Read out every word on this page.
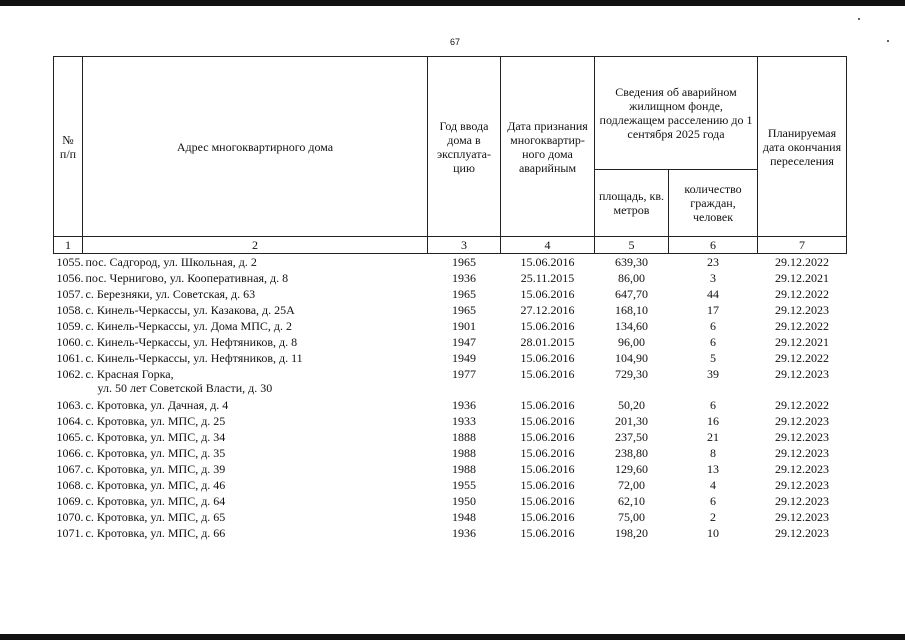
67
№ п/п	Адрес многоквартирного дома	Год ввода дома в эксплуата-цию	Дата признания многоквартир-ного дома аварийным	Сведения об аварийном жилищном фонде, подлежащем расселению до 1 сентября 2025 года		Планируемая дата окончания переселения
				площадь, кв. метров	количество граждан, человек	
1	2	3	4	5	6	7
1055.	пос. Садгород, ул. Школьная, д. 2	1965	15.06.2016	639,30	23	29.12.2022
1056.	пос. Черниговo, ул. Кооперативная, д. 8	1936	25.11.2015	86,00	3	29.12.2021
1057.	с. Березняки, ул. Советская, д. 63	1965	15.06.2016	647,70	44	29.12.2022
1058.	с. Кинель-Черкассы, ул. Казакова, д. 25А	1965	27.12.2016	168,10	17	29.12.2023
1059.	с. Кинель-Черкассы, ул. Дома МПС, д. 2	1901	15.06.2016	134,60	6	29.12.2022
1060.	с. Кинель-Черкассы, ул. Нефтяников, д. 8	1947	28.01.2015	96,00	6	29.12.2021
1061.	с. Кинель-Черкассы, ул. Нефтяников, д. 11	1949	15.06.2016	104,90	5	29.12.2022
1062.	с. Красная Горка,
ул. 50 лет Советской Власти, д. 30	1977	15.06.2016	729,30	39	29.12.2023
1063.	с. Кротовка, ул. Дачная, д. 4	1936	15.06.2016	50,20	6	29.12.2022
1064.	с. Кротовка, ул. МПС, д. 25	1933	15.06.2016	201,30	16	29.12.2023
1065.	с. Кротовка, ул. МПС, д. 34	1888	15.06.2016	237,50	21	29.12.2023
1066.	с. Кротовка, ул. МПС, д. 35	1988	15.06.2016	238,80	8	29.12.2023
1067.	с. Кротовка, ул. МПС, д. 39	1988	15.06.2016	129,60	13	29.12.2023
1068.	с. Кротовка, ул. МПС, д. 46	1955	15.06.2016	72,00	4	29.12.2023
1069.	с. Кротовка, ул. МПС, д. 64	1950	15.06.2016	62,10	6	29.12.2023
1070.	с. Кротовка, ул. МПС, д. 65	1948	15.06.2016	75,00	2	29.12.2023
1071.	с. Кротовка, ул. МПС, д. 66	1936	15.06.2016	198,20	10	29.12.2023
